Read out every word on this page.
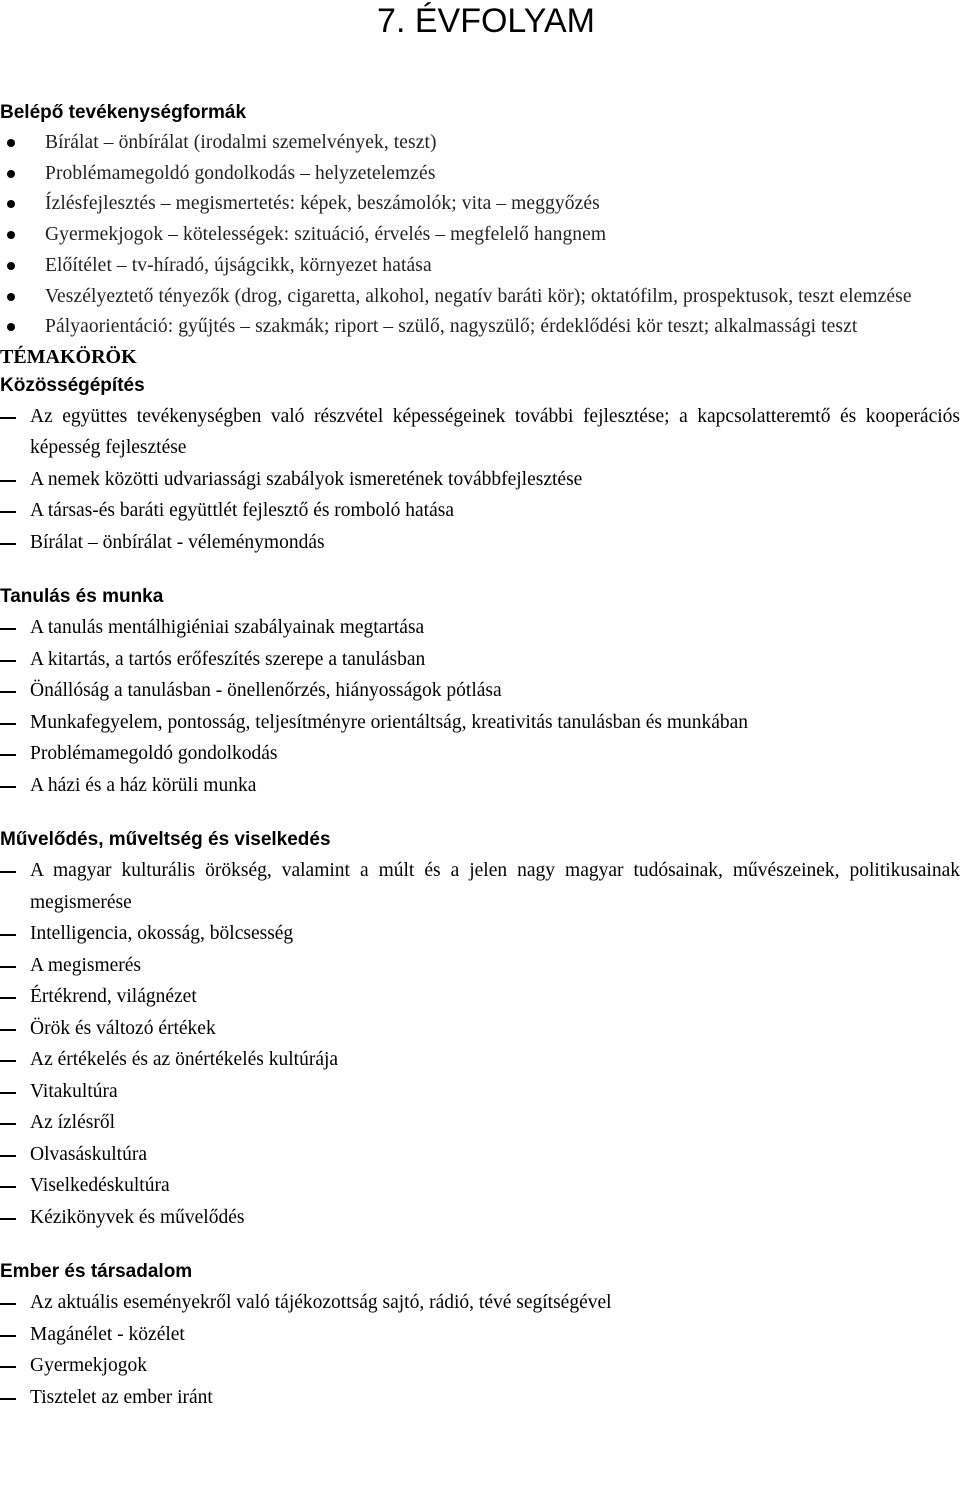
7. ÉVFOLYAM
Belépő tevékenységformák
Bírálat – önbírálat (irodalmi szemelvények, teszt)
Problémamegoldó gondolkodás – helyzetelemzés
Ízlésfejlesztés – megismertetés: képek, beszámolók; vita – meggyőzés
Gyermekjogok – kötelességek: szituáció, érvelés – megfelelő hangnem
Előítélet – tv-híradó, újságcikk, környezet hatása
Veszélyeztető tényezők (drog, cigaretta, alkohol, negatív baráti kör); oktatófilm, prospektusok, teszt elemzése
Pályaorientáció: gyűjtés – szakmák; riport – szülő, nagyszülő; érdeklődési kör teszt; alkalmassági teszt
TÉMAKÖRÖK
Közösségépítés
Az együttes tevékenységben való részvétel képességeinek további fejlesztése; a kapcsolatteremtő és kooperációs képesség fejlesztése
A nemek közötti udvariassági szabályok ismeretének továbbfejlesztése
A társas-és baráti együttlét fejlesztő és romboló hatása
Bírálat – önbírálat - véleménymondás
Tanulás és munka
A tanulás mentálhigiéniai szabályainak megtartása
A kitartás, a tartós erőfeszítés szerepe a tanulásban
Önállóság a tanulásban - önellenőrzés, hiányosságok pótlása
Munkafegyelem, pontosság, teljesítményre orientáltság, kreativitás tanulásban és munkában
Problémamegoldó gondolkodás
A házi és a ház körüli munka
Művelődés, műveltség és viselkedés
A magyar kulturális örökség, valamint a múlt és a jelen nagy magyar tudósainak, művészeinek, politikusainak megismerése
Intelligencia, okosság, bölcsesség
A megismerés
Értékrend, világnézet
Örök és változó értékek
Az értékelés és az önértékelés kultúrája
Vitakultúra
Az ízlésről
Olvasáskultúra
Viselkedéskultúra
Kézikönyvek és művelődés
Ember és társadalom
Az aktuális eseményekről való tájékozottság sajtó, rádió, tévé segítségével
Magánélet - közélet
Gyermekjogok
Tisztelet az ember iránt
